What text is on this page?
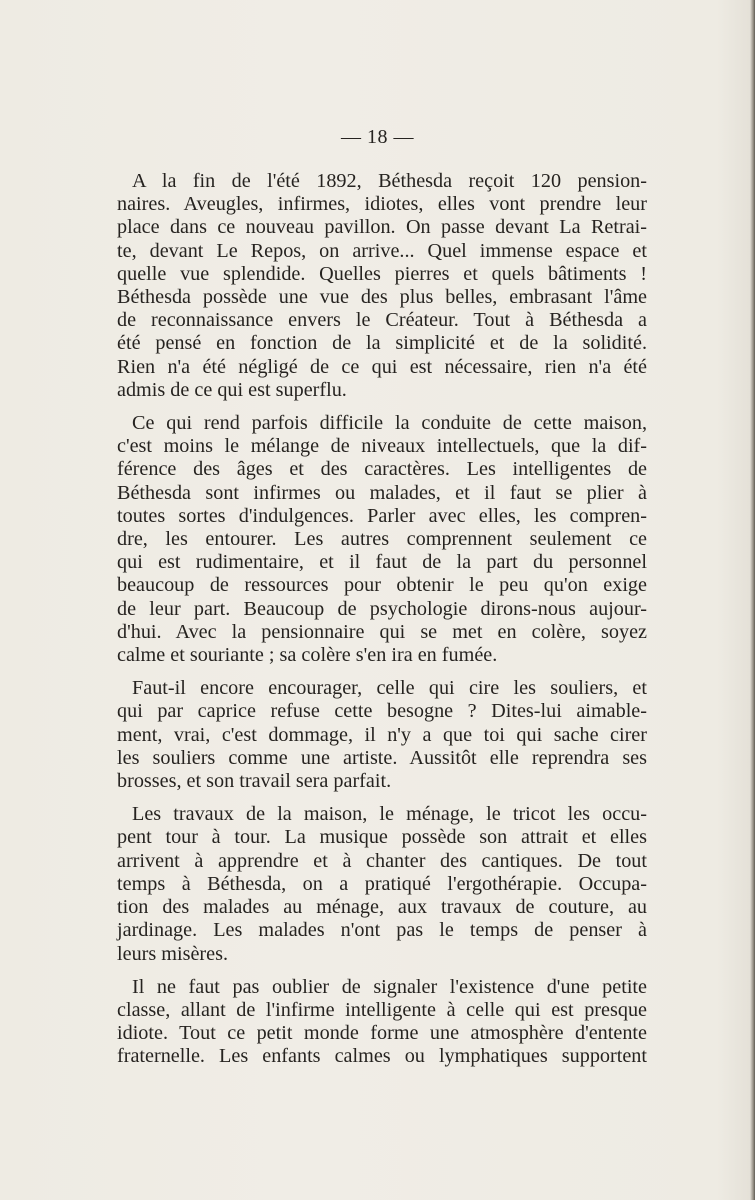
— 18 —

A la fin de l'été 1892, Béthesda reçoit 120 pension-
naires. Aveugles, infirmes, idiotes, elles vont prendre leur
place dans ce nouveau pavillon. On passe devant La Retrai-
te, devant Le Repos, on arrive... Quel immense espace et
quelle vue splendide. Quelles pierres et quels bâtiments !
Béthesda possède une vue des plus belles, embrasant l'âme
de reconnaissance envers le Créateur. Tout à Béthesda a
été pensé en fonction de la simplicité et de la solidité.
Rien n'a été négligé de ce qui est nécessaire, rien n'a été
admis de ce qui est superflu.

Ce qui rend parfois difficile la conduite de cette maison,
c'est moins le mélange de niveaux intellectuels, que la dif-
férence des âges et des caractères. Les intelligentes de
Béthesda sont infirmes ou malades, et il faut se plier à
toutes sortes d'indulgences. Parler avec elles, les compren-
dre, les entourer. Les autres comprennent seulement ce
qui est rudimentaire, et il faut de la part du personnel
beaucoup de ressources pour obtenir le peu qu'on exige
de leur part. Beaucoup de psychologie dirons-nous aujour-
d'hui. Avec la pensionnaire qui se met en colère, soyez
calme et souriante ; sa colère s'en ira en fumée.

Faut-il encore encourager, celle qui cire les souliers, et
qui par caprice refuse cette besogne ? Dites-lui aimable-
ment, vrai, c'est dommage, il n'y a que toi qui sache cirer
les souliers comme une artiste. Aussitôt elle reprendra ses
brosses, et son travail sera parfait.

Les travaux de la maison, le ménage, le tricot les occu-
pent tour à tour. La musique possède son attrait et elles
arrivent à apprendre et à chanter des cantiques. De tout
temps à Béthesda, on a pratiqué l'ergothérapie. Occupa-
tion des malades au ménage, aux travaux de couture, au
jardinage. Les malades n'ont pas le temps de penser à
leurs misères.

Il ne faut pas oublier de signaler l'existence d'une petite
classe, allant de l'infirme intelligente à celle qui est presque
idiote. Tout ce petit monde forme une atmosphère d'entente
fraternelle. Les enfants calmes ou lymphatiques supportent
